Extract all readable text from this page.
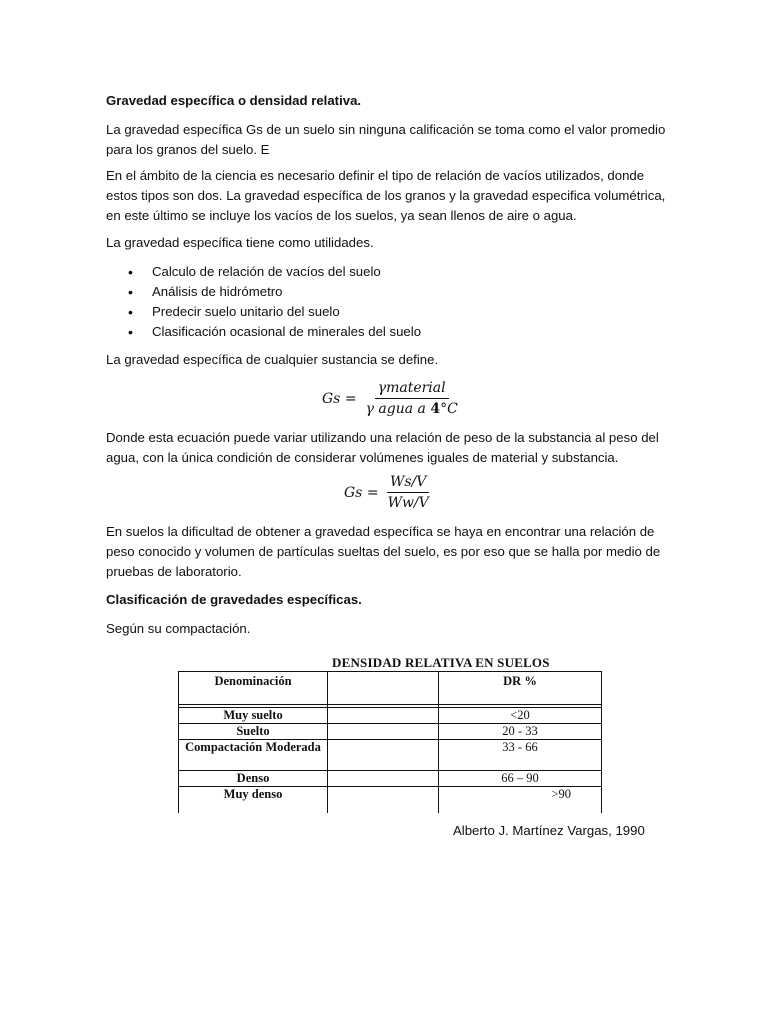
Gravedad específica o densidad relativa.

La gravedad específica Gs de un suelo sin ninguna calificación se toma como el valor promedio para los granos del suelo. E

En el ámbito de la ciencia es necesario definir el tipo de relación de vacíos utilizados, donde estos tipos son dos. La gravedad específica de los granos y la gravedad especifica volumétrica, en este último se incluye los vacíos de los suelos, ya sean llenos de aire o agua.

La gravedad específica tiene como utilidades.

• Calculo de relación de vacíos del suelo
• Análisis de hidrómetro
• Predecir suelo unitario del suelo
• Clasificación ocasional de minerales del suelo

La gravedad específica de cualquier sustancia se define.

$Gs = \frac{\text{γmaterial}}{\text{γ agua a 4°C}}$

Donde esta ecuación puede variar utilizando una relación de peso de la substancia al peso del agua, con la única condición de considerar volúmenes iguales de material y substancia.

$Gs = \frac{Ws/V}{Ww/V}$

En suelos la dificultad de obtener a gravedad específica se haya en encontrar una relación de peso conocido y volumen de partículas sueltas del suelo, es por eso que se halla por medio de pruebas de laboratorio.

Clasificación de gravedades específicas.

Según su compactación.

DENSIDAD RELATIVA EN SUELOS
Denominación		DR %

Muy suelto		<20
Suelto		20 - 33
Compactación Moderada		33 - 66
Denso		66 – 90
Muy denso		>90
Alberto J. Martínez Vargas, 1990
